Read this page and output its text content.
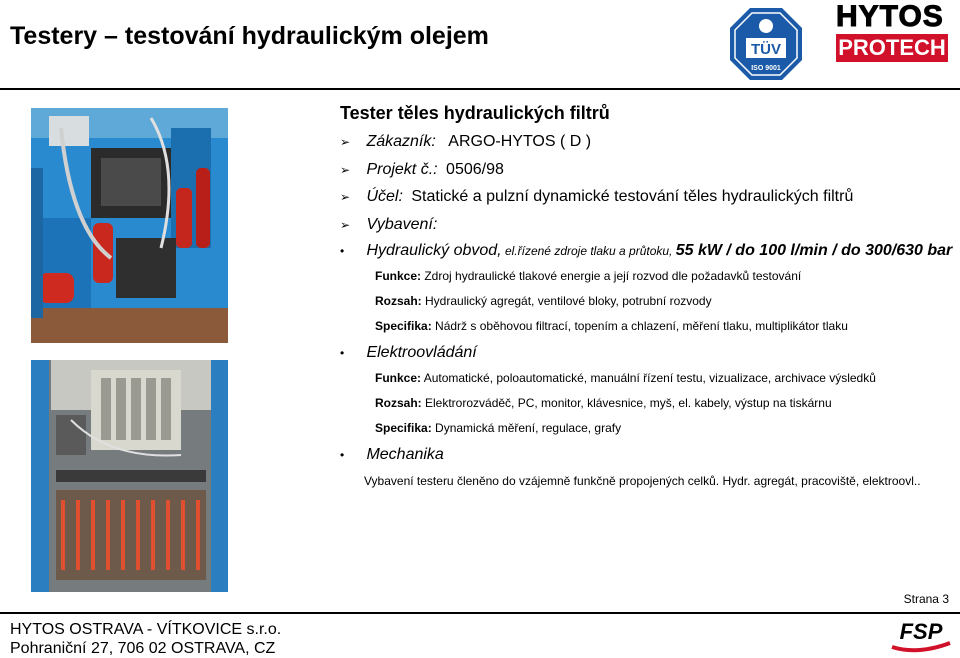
Testery – testování hydraulickým olejem	TÜV
ISO 9001
HYTOS
PROTECH
Tester těles hydraulických filtrů
➢ Zákazník: ARGO-HYTOS ( D )
➢ Projekt č.: 0506/98
➢ Účel: Statické a pulzní dynamické testování těles hydraulických filtrů
➢ Vybavení:
• Hydraulický obvod, el.řízené zdroje tlaku a průtoku, 55 kW / do 100 l/min / do 300/630 bar
Funkce: Zdroj hydraulické tlakové energie a její rozvod dle požadavků testování
Rozsah: Hydraulický agregát, ventilové bloky, potrubní rozvody
Specifika: Nádrž s oběhovou filtrací, topením a chlazení, měření tlaku, multiplikátor tlaku
• Elektroovládání
Funkce: Automatické, poloautomatické, manuální řízení testu, vizualizace, archivace výsledků
Rozsah: Elektrorozváděč, PC, monitor, klávesnice, myš, el. kabely, výstup na tiskárnu
Specifika: Dynamická měření, regulace, grafy
• Mechanika
Vybavení testeru členěno do vzájemně funkčně propojených celků. Hydr. agregát, pracoviště, elektroovl..
Strana 3
HYTOS OSTRAVA - VÍTKOVICE s.r.o.
Pohraniční 27, 706 02 OSTRAVA, CZ
FSP
